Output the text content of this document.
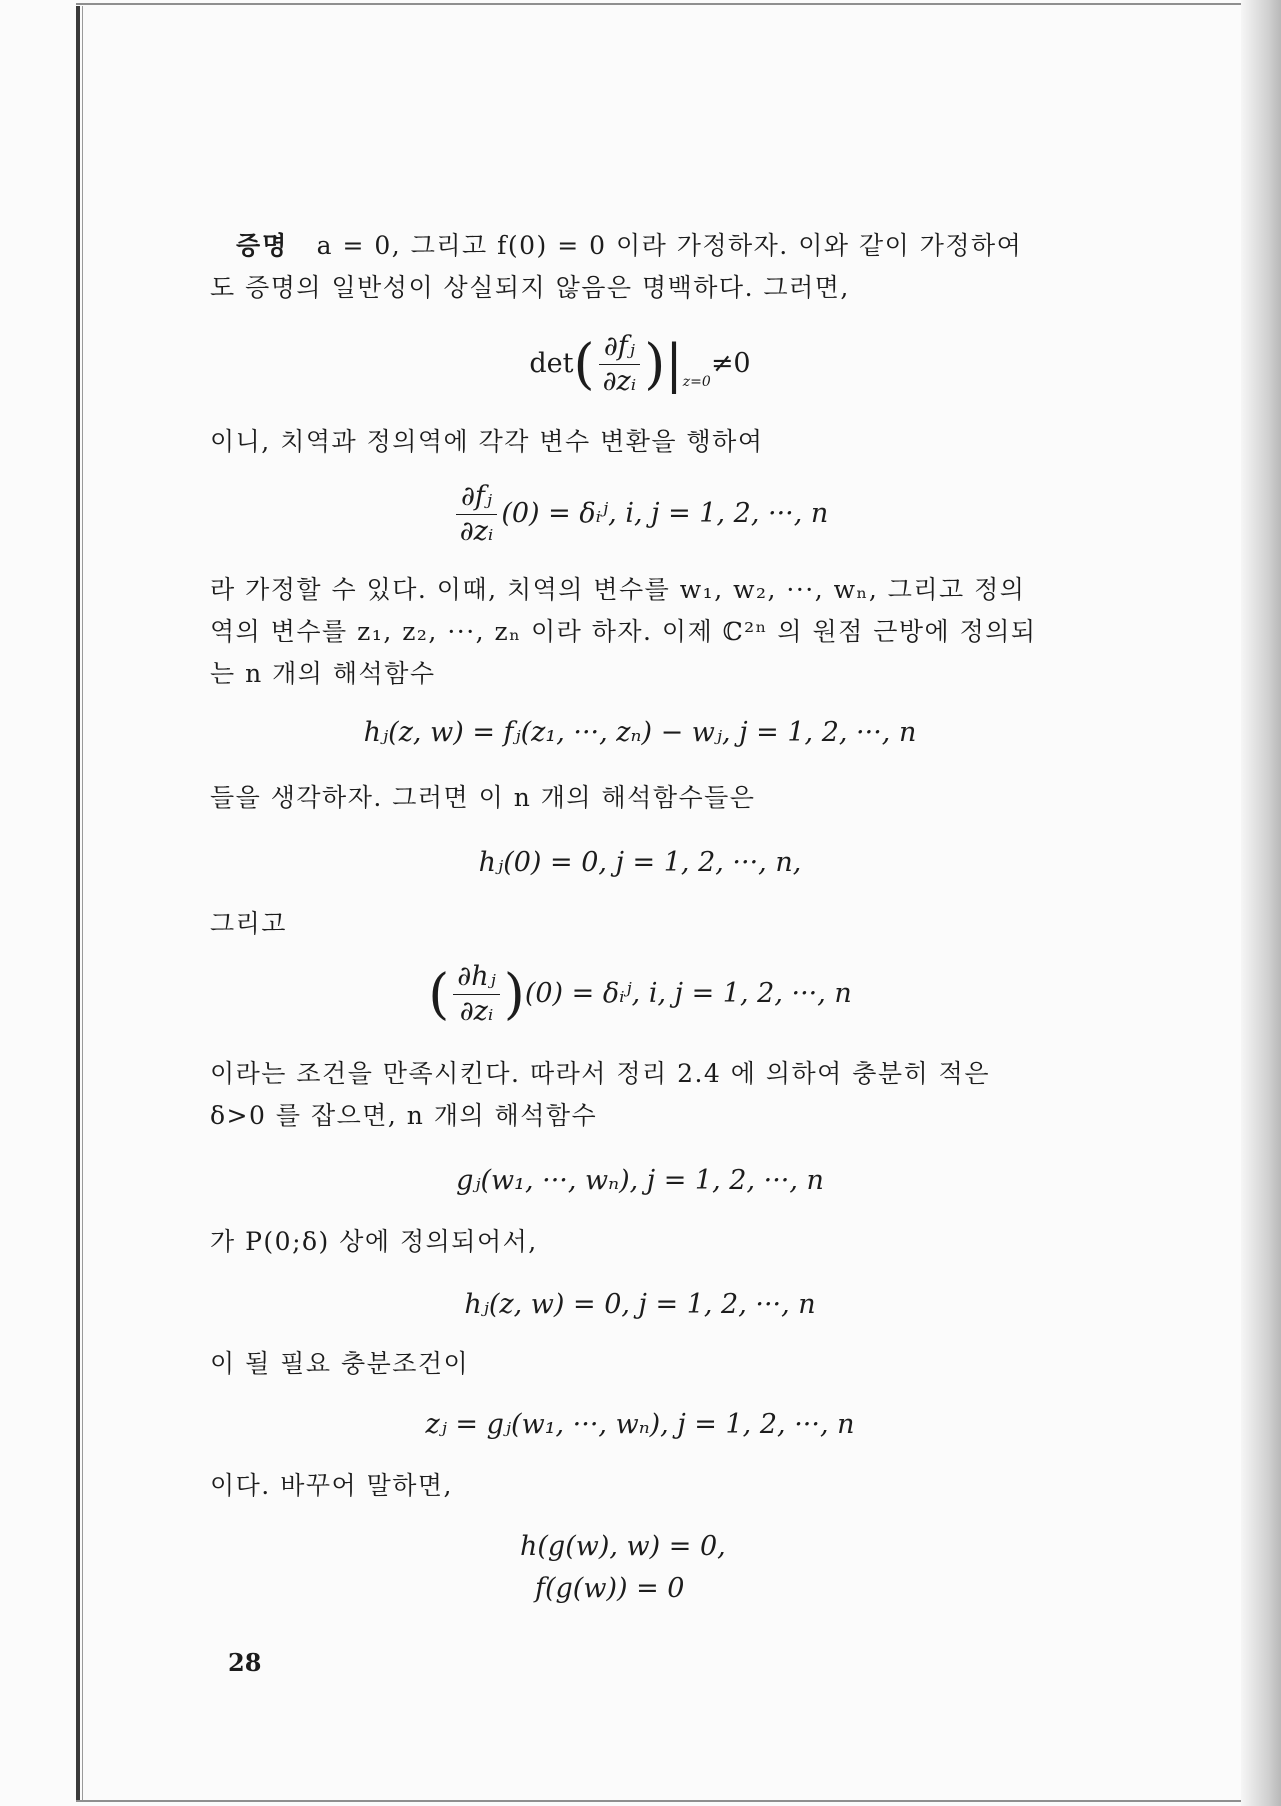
증명 a = 0, 그리고 f(0) = 0 이라 가정하자. 이와 같이 가정하여
도 증명의 일반성이 상실되지 않음은 명백하다. 그러면,
$\det( \frac{\text{∂fⱼ}}{\text{∂zᵢ}} )|_{z=0}\ne 0$
이니, 치역과 정의역에 각각 변수 변환을 행하여
$\frac{\text{∂fⱼ}}{\text{∂zᵢ}} (0)$ = δᵢʲ, i, j = 1, 2, ···, n
라 가정할 수 있다. 이때, 치역의 변수를 w₁, w₂, ···, wₙ, 그리고 정의
역의 변수를 z₁, z₂, ···, zₙ 이라 하자. 이제 ℂ²ⁿ 의 원점 근방에 정의되
는 n 개의 해석함수
hⱼ(z, w) = fⱼ(z₁, ···, zₙ) − wⱼ, j = 1, 2, ···, n
들을 생각하자. 그러면 이 n 개의 해석함수들은
hⱼ(0) = 0, j = 1, 2, ···, n,
그리고
( $\frac{\text{∂hⱼ}}{\text{∂zᵢ}} )(0)$ = δᵢʲ, i, j = 1, 2, ···, n
이라는 조건을 만족시킨다. 따라서 정리 2.4 에 의하여 충분히 적은
δ>0 를 잡으면, n 개의 해석함수
gⱼ(w₁, ···, wₙ), j = 1, 2, ···, n
가 P(0;δ) 상에 정의되어서,
hⱼ(z, w) = 0, j = 1, 2, ···, n
이 될 필요 충분조건이
zⱼ = gⱼ(w₁, ···, wₙ), j = 1, 2, ···, n
이다. 바꾸어 말하면,
h(g(w), w) = 0,
f(g(w)) = 0
28
